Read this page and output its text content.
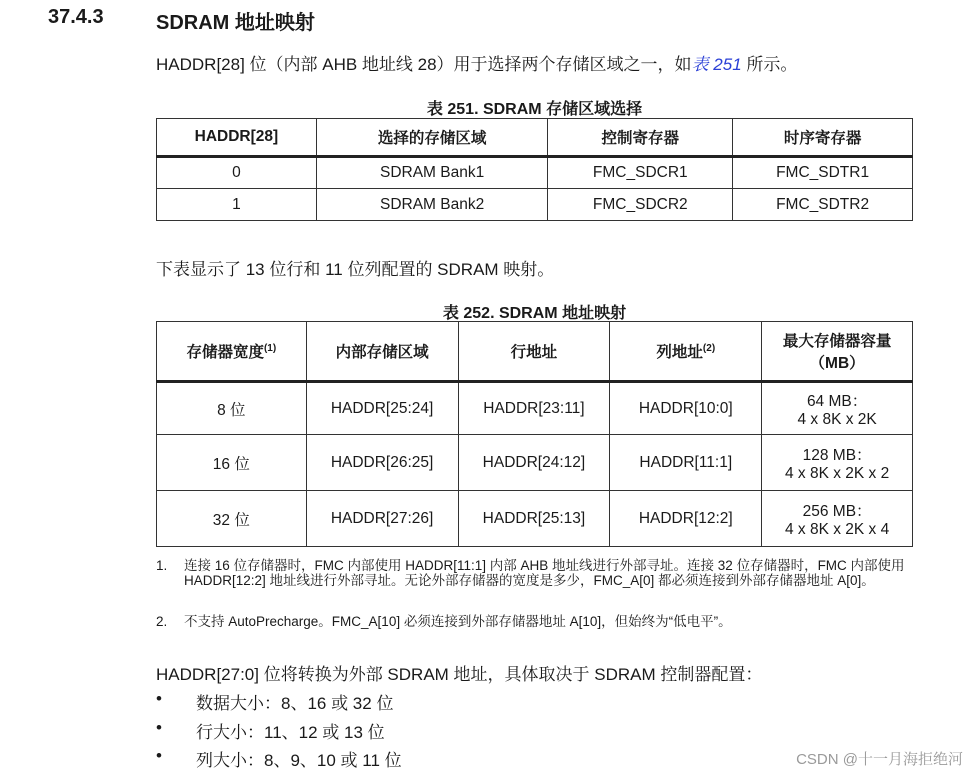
37.4.3	SDRAM 地址映射
HADDR[28] 位（内部 AHB 地址线 28）用于选择两个存储区域之一，如表 251 所示。
表 251. SDRAM 存储区域选择
HADDR[28]	选择的存储区域	控制寄存器	时序寄存器
0	SDRAM Bank1	FMC_SDCR1	FMC_SDTR1
1	SDRAM Bank2	FMC_SDCR2	FMC_SDTR2
下表显示了 13 位行和 11 位列配置的 SDRAM 映射。
表 252. SDRAM 地址映射
存储器宽度$^{(1)}$	内部存储区域	行地址	列地址$^{(2)}$	最大存储器容量
（MB）

8 位	HADDR[25:24]	HADDR[23:11]	HADDR[10:0]	64 MB：
4 x 8K x 2K

16 位	HADDR[26:25]	HADDR[24:12]	HADDR[11:1]	128 MB：
4 x 8K x 2K x 2

32 位	HADDR[27:26]	HADDR[25:13]	HADDR[12:2]	256 MB：
4 x 8K x 2K x 4
1. 连接 16 位存储器时，FMC 内部使用 HADDR[11:1] 内部 AHB 地址线进行外部寻址。连接 32 位存储器时，FMC 内部使用 HADDR[12:2] 地址线进行外部寻址。无论外部存储器的宽度是多少，FMC_A[0] 都必须连接到外部存储器地址 A[0]。
2. 不支持 AutoPrecharge。FMC_A[10] 必须连接到外部存储器地址 A[10]，但始终为“低电平”。
HADDR[27:0] 位将转换为外部 SDRAM 地址，具体取决于 SDRAM 控制器配置：
• 数据大小：8、16 或 32 位
• 行大小：11、12 或 13 位
• 列大小：8、9、10 或 11 位	CSDN @十一月海拒绝河
